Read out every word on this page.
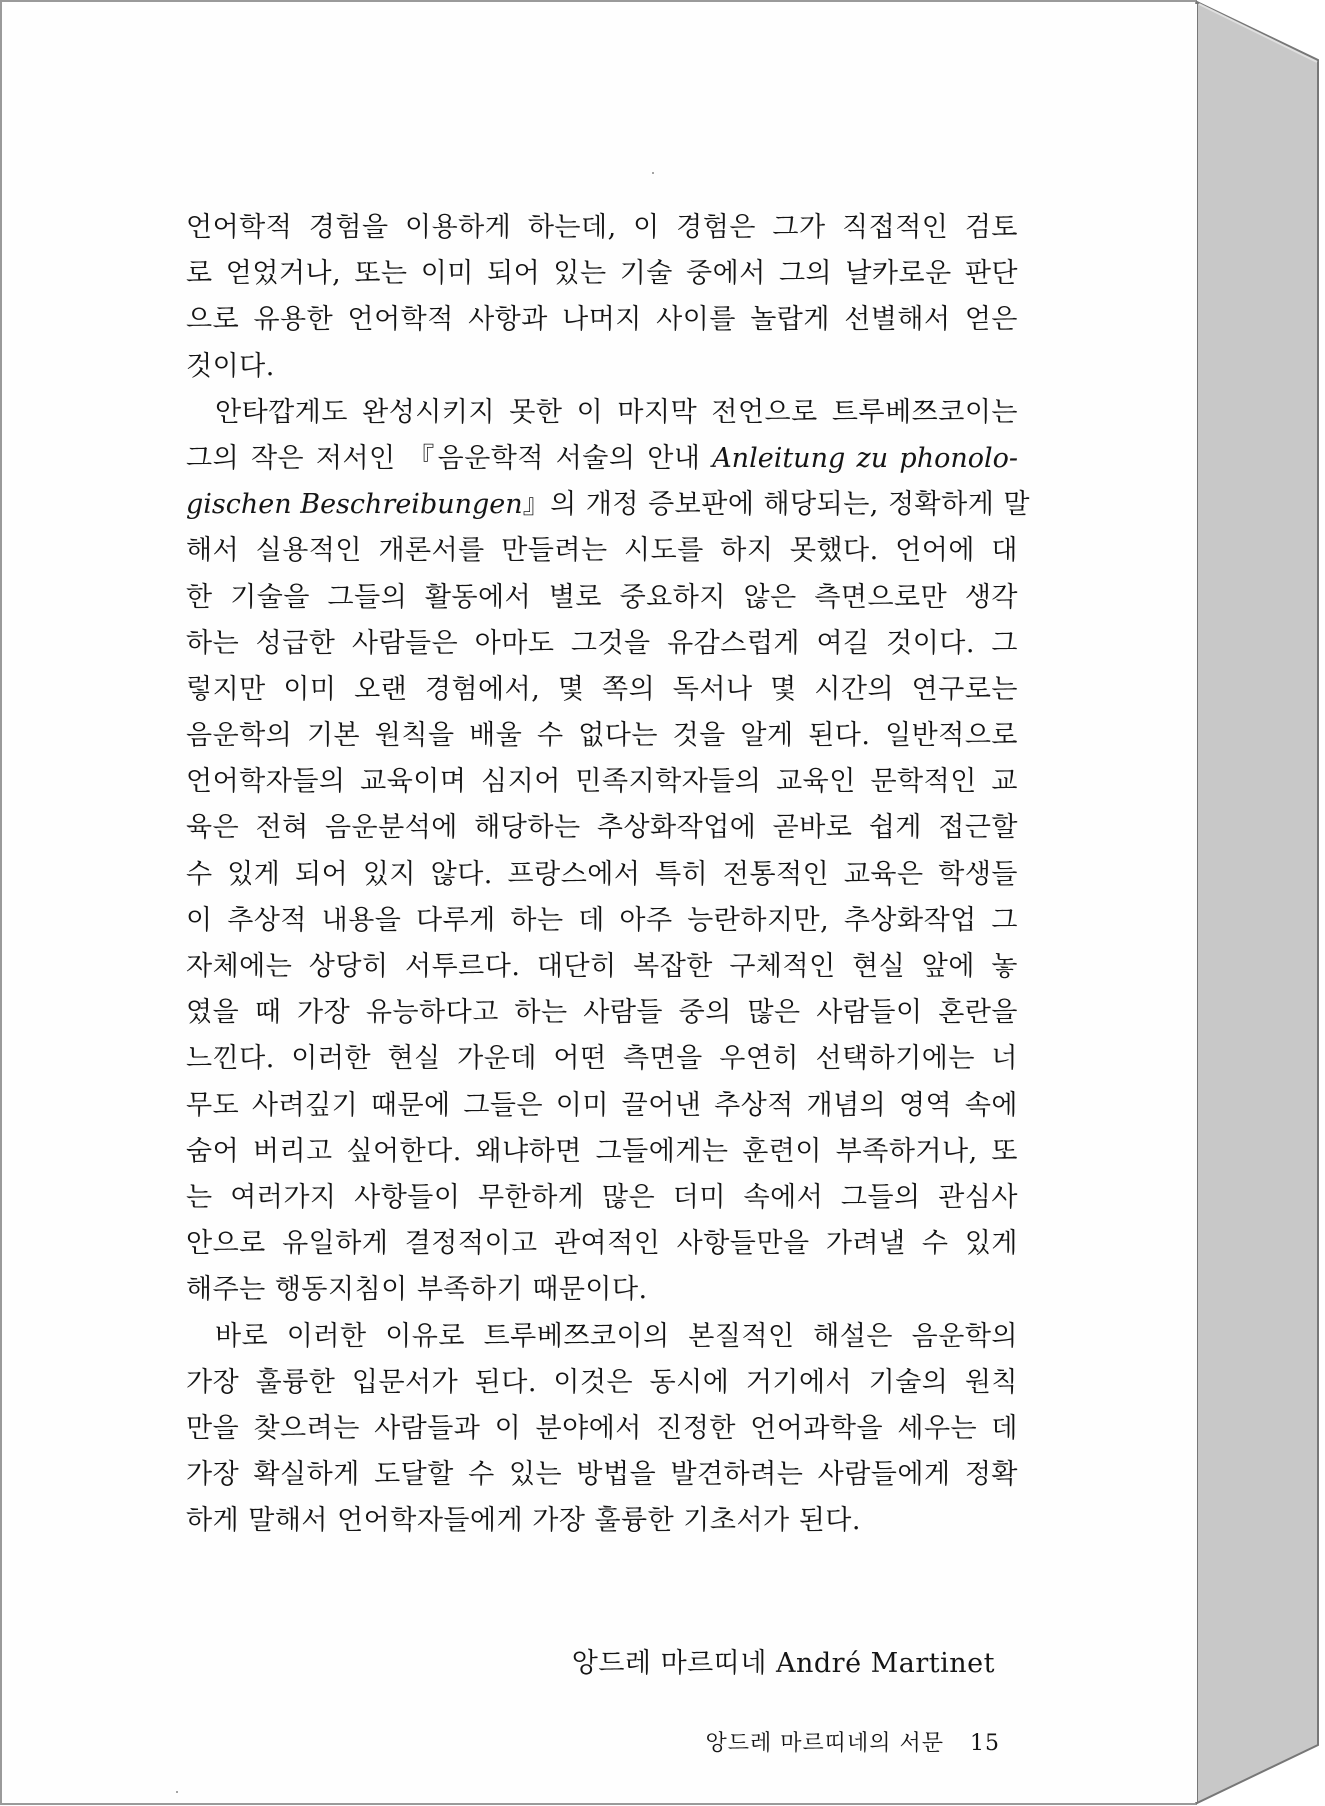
언어학적 경험을 이용하게 하는데, 이 경험은 그가 직접적인 검토
로 얻었거나, 또는 이미 되어 있는 기술 중에서 그의 날카로운 판단
으로 유용한 언어학적 사항과 나머지 사이를 놀랍게 선별해서 얻은
것이다.
안타깝게도 완성시키지 못한 이 마지막 전언으로 트루베쯔코이는
그의 작은 저서인 『음운학적 서술의 안내 Anleitung zu phonolo-
gischen Beschreibungen』의 개정 증보판에 해당되는, 정확하게 말
해서 실용적인 개론서를 만들려는 시도를 하지 못했다. 언어에 대
한 기술을 그들의 활동에서 별로 중요하지 않은 측면으로만 생각
하는 성급한 사람들은 아마도 그것을 유감스럽게 여길 것이다. 그
렇지만 이미 오랜 경험에서, 몇 쪽의 독서나 몇 시간의 연구로는
음운학의 기본 원칙을 배울 수 없다는 것을 알게 된다. 일반적으로
언어학자들의 교육이며 심지어 민족지학자들의 교육인 문학적인 교
육은 전혀 음운분석에 해당하는 추상화작업에 곧바로 쉽게 접근할
수 있게 되어 있지 않다. 프랑스에서 특히 전통적인 교육은 학생들
이 추상적 내용을 다루게 하는 데 아주 능란하지만, 추상화작업 그
자체에는 상당히 서투르다. 대단히 복잡한 구체적인 현실 앞에 놓
였을 때 가장 유능하다고 하는 사람들 중의 많은 사람들이 혼란을
느낀다. 이러한 현실 가운데 어떤 측면을 우연히 선택하기에는 너
무도 사려깊기 때문에 그들은 이미 끌어낸 추상적 개념의 영역 속에
숨어 버리고 싶어한다. 왜냐하면 그들에게는 훈련이 부족하거나, 또
는 여러가지 사항들이 무한하게 많은 더미 속에서 그들의 관심사
안으로 유일하게 결정적이고 관여적인 사항들만을 가려낼 수 있게
해주는 행동지침이 부족하기 때문이다.
바로 이러한 이유로 트루베쯔코이의 본질적인 해설은 음운학의
가장 훌륭한 입문서가 된다. 이것은 동시에 거기에서 기술의 원칙
만을 찾으려는 사람들과 이 분야에서 진정한 언어과학을 세우는 데
가장 확실하게 도달할 수 있는 방법을 발견하려는 사람들에게 정확
하게 말해서 언어학자들에게 가장 훌륭한 기초서가 된다.
앙드레 마르띠네 André Martinet
앙드레 마르띠네의 서문 15
